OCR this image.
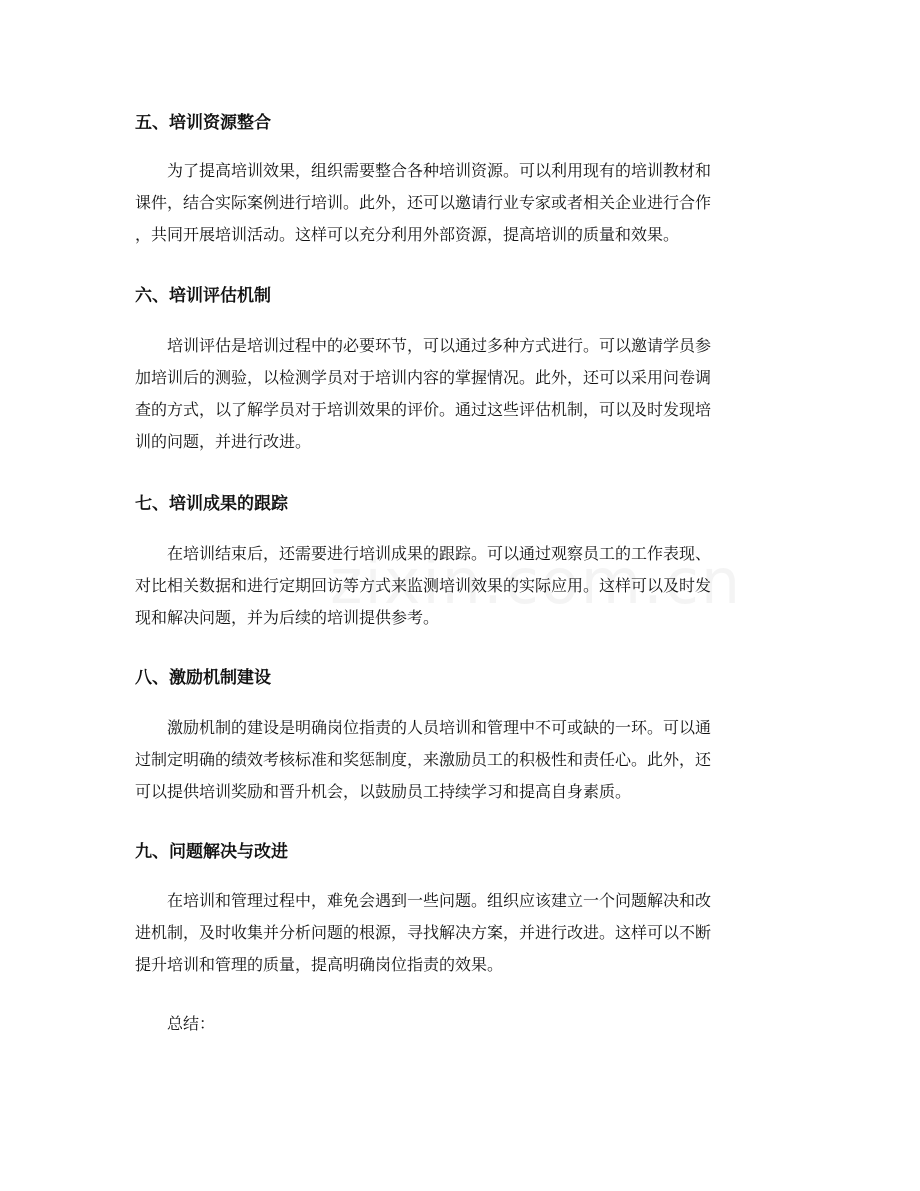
五、培训资源整合

为了提高培训效果，组织需要整合各种培训资源。可以利用现有的培训教材和
课件，结合实际案例进行培训。此外，还可以邀请行业专家或者相关企业进行合作
，共同开展培训活动。这样可以充分利用外部资源，提高培训的质量和效果。

六、培训评估机制

培训评估是培训过程中的必要环节，可以通过多种方式进行。可以邀请学员参
加培训后的测验，以检测学员对于培训内容的掌握情况。此外，还可以采用问卷调
查的方式，以了解学员对于培训效果的评价。通过这些评估机制，可以及时发现培
训的问题，并进行改进。

七、培训成果的跟踪

在培训结束后，还需要进行培训成果的跟踪。可以通过观察员工的工作表现、
对比相关数据和进行定期回访等方式来监测培训效果的实际应用。这样可以及时发
现和解决问题，并为后续的培训提供参考。

八、激励机制建设

激励机制的建设是明确岗位指责的人员培训和管理中不可或缺的一环。可以通
过制定明确的绩效考核标准和奖惩制度，来激励员工的积极性和责任心。此外，还
可以提供培训奖励和晋升机会，以鼓励员工持续学习和提高自身素质。

九、问题解决与改进

在培训和管理过程中，难免会遇到一些问题。组织应该建立一个问题解决和改
进机制，及时收集并分析问题的根源，寻找解决方案，并进行改进。这样可以不断
提升培训和管理的质量，提高明确岗位指责的效果。

总结：
